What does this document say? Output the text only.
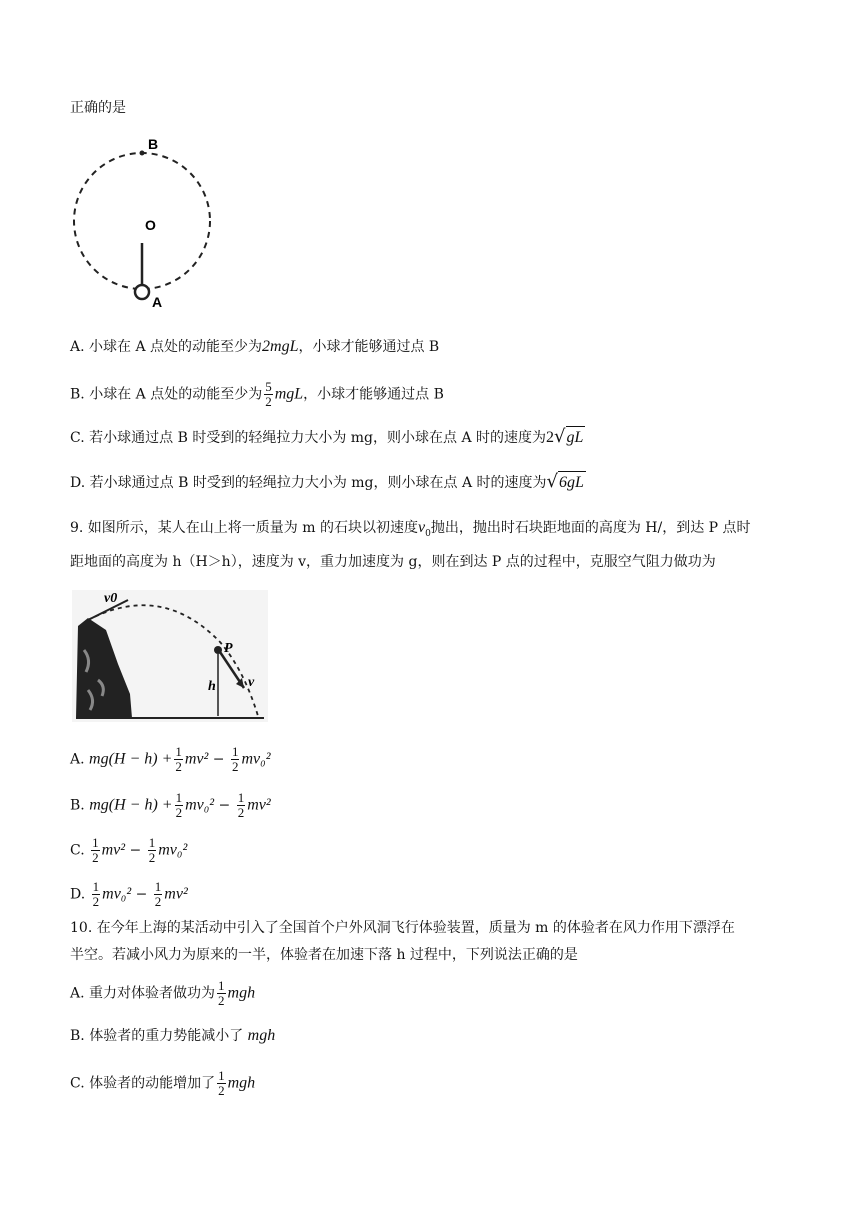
正确的是
B
O
A
A. 小球在 A 点处的动能至少为2mgL，小球才能够通过点 B
B. 小球在 A 点处的动能至少为 $\frac{5}{2}$ mgL，小球才能够通过点 B
C. 若小球通过点 B 时受到的轻绳拉力大小为 mg，则小球在点 A 时的速度为2√gL
D. 若小球通过点 B 时受到的轻绳拉力大小为 mg，则小球在点 A 时的速度为√6gL
9. 如图所示，某人在山上将一质量为 m 的石块以初速度$v_0$抛出，抛出时石块距地面的高度为 H/，到达 P 点时
距地面的高度为 h（H＞h），速度为 v，重力加速度为 g，则在到达 P 点的过程中，克服空气阻力做功为
v0
P
h v
A. $mg(H - h) + \frac{1}{2} mv^2 - \frac{1}{2} mv_0^2$
B. $mg(H - h) + \frac{1}{2} mv_0^2 - \frac{1}{2} mv^2$
C. $\frac{1}{2} mv^2 - \frac{1}{2} mv_0^2$
D. $\frac{1}{2} mv_0^2 - \frac{1}{2} mv^2$
10. 在今年上海的某活动中引入了全国首个户外风洞飞行体验装置，质量为 m 的体验者在风力作用下漂浮在
半空。若减小风力为原来的一半，体验者在加速下落 h 过程中，下列说法正确的是
A. 重力对体验者做功为 $\frac{1}{2}$ mgh
B. 体验者的重力势能减小了 mgh
C. 体验者的动能增加了 $\frac{1}{2}$ mgh
